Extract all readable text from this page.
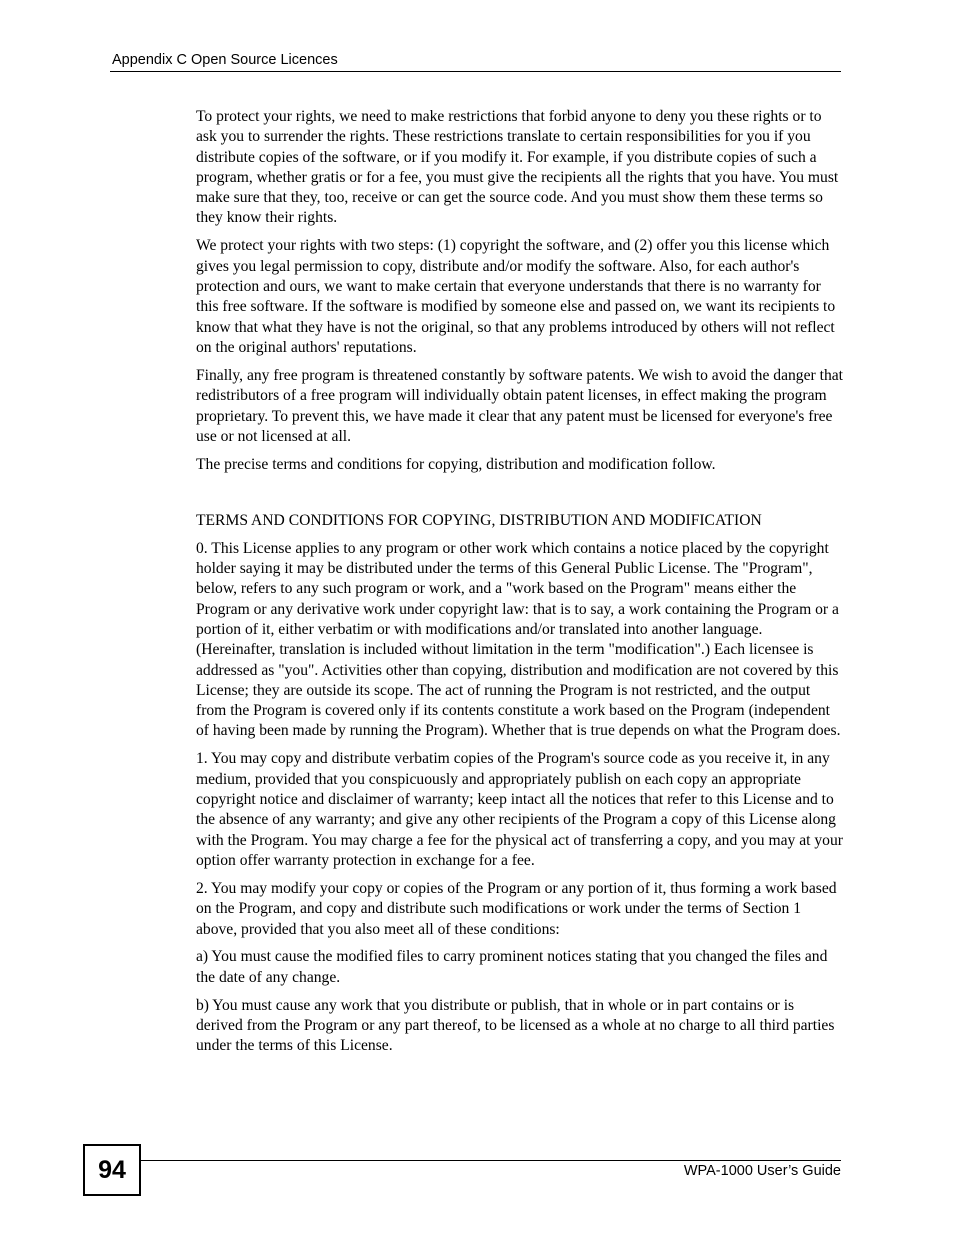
Appendix C Open Source Licences

To protect your rights, we need to make restrictions that forbid anyone to deny you these rights or to ask you to surrender the rights. These restrictions translate to certain responsibilities for you if you distribute copies of the software, or if you modify it. For example, if you distribute copies of such a program, whether gratis or for a fee, you must give the recipients all the rights that you have. You must make sure that they, too, receive or can get the source code. And you must show them these terms so they know their rights.

We protect your rights with two steps: (1) copyright the software, and (2) offer you this license which gives you legal permission to copy, distribute and/or modify the software. Also, for each author's protection and ours, we want to make certain that everyone understands that there is no warranty for this free software. If the software is modified by someone else and passed on, we want its recipients to know that what they have is not the original, so that any problems introduced by others will not reflect on the original authors' reputations.

Finally, any free program is threatened constantly by software patents. We wish to avoid the danger that redistributors of a free program will individually obtain patent licenses, in effect making the program proprietary. To prevent this, we have made it clear that any patent must be licensed for everyone's free use or not licensed at all.

The precise terms and conditions for copying, distribution and modification follow.

TERMS AND CONDITIONS FOR COPYING, DISTRIBUTION AND MODIFICATION

0. This License applies to any program or other work which contains a notice placed by the copyright holder saying it may be distributed under the terms of this General Public License. The "Program", below, refers to any such program or work, and a "work based on the Program" means either the Program or any derivative work under copyright law: that is to say, a work containing the Program or a portion of it, either verbatim or with modifications and/or translated into another language. (Hereinafter, translation is included without limitation in the term "modification".) Each licensee is addressed as "you". Activities other than copying, distribution and modification are not covered by this License; they are outside its scope. The act of running the Program is not restricted, and the output from the Program is covered only if its contents constitute a work based on the Program (independent of having been made by running the Program). Whether that is true depends on what the Program does.

1. You may copy and distribute verbatim copies of the Program's source code as you receive it, in any medium, provided that you conspicuously and appropriately publish on each copy an appropriate copyright notice and disclaimer of warranty; keep intact all the notices that refer to this License and to the absence of any warranty; and give any other recipients of the Program a copy of this License along with the Program. You may charge a fee for the physical act of transferring a copy, and you may at your option offer warranty protection in exchange for a fee.

2. You may modify your copy or copies of the Program or any portion of it, thus forming a work based on the Program, and copy and distribute such modifications or work under the terms of Section 1 above, provided that you also meet all of these conditions:

a) You must cause the modified files to carry prominent notices stating that you changed the files and the date of any change.

b) You must cause any work that you distribute or publish, that in whole or in part contains or is derived from the Program or any part thereof, to be licensed as a whole at no charge to all third parties under the terms of this License.

94	WPA-1000 User’s Guide
